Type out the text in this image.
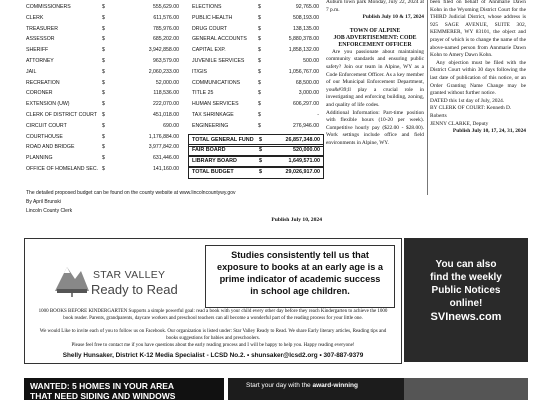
COMMISSIONERS	$	555,629.00	ELECTIONS	$	92,765.00
CLERK	$	611,576.00	PUBLIC HEALTH	$	508,193.00
TREASURER	$	785,976.00	DRUG COURT	$	138,135.00
ASSESSOR	$	685,202.00	GENERAL ACCOUNTS $	5,880,378.00
SHERIFF	$	3,942,858.00	CAPITAL EXP.	$	1,858,132.00
ATTORNEY	$	963,579.00	JUVENILE SERVICES	$	500.00
JAIL	$	2,060,233.00	IT/GIS	$	1,056,767.00
RECREATION	$	52,000.00	COMMUNICATIONS	$	68,500.00
CORONER	$	118,536.00	TITLE 25	$	3,000.00
EXTENSION (UW)	$	222,070.00	HUMAN SERVICES	$	606,297.00
CLERK OF DISTRICT COURT $	451,018.00	TAX SHRINKAGE	$	-
CIRCUIT COURT	$	690.00	ENGINEERING	$	276,946.00
COURTHOUSE	$	1,176,884.00
ROAD AND BRIDGE	$	3,977,842.00
PLANNING	$	631,446.00
OFFICE OF HOMELAND SEC. $	141,160.00
TOTAL GENERAL FUND $	26,857,348.00
FAIR BOARD	$	520,000.00
LIBRARY BOARD	$	1,649,571.00
TOTAL BUDGET	$	29,026,917.00
The detailed proposed budget can be found on the county website at www.lincolncountywy.gov
By April Brunski
Lincoln County Clerk
Publish July 10, 2024
Auburn town park Monday, July 22, 2024 at 7 p.m.
Publish July 10 & 17, 2024
TOWN OF ALPINE
JOB ADVERTISEMENT: CODE ENFORCEMENT OFFICER
Are you passionate about maintaining community standards and ensuring public safety? Join our team in Alpine, WY as a Code Enforcement Officer. As a key member of our Municipal Enforcement Department, you&#39;ll play a crucial role in investigating and enforcing building, zoning, and quality of life codes.
Additional Information: Part-time position with flexible hours (10-20 per week). Competitive hourly pay ($22.00 - $28.00). Work settings include office and field environments in Alpine, WY.
been filed on behalf of Annmarie Dawn Kohn in the Wyoming District Court for the THIRD Judicial District, whose address is 925 SAGE AVENUE, SUITE 302, KEMMERER, WY 83101, the object and prayer of which is to change the name of the above-named person from Annmarie Dawn Kohn to Amery Dawn Kohn.
Any objection must be filed with the District Court within 30 days following the last date of publication of this notice, or an Order Granting Name Change may be granted without further notice.
DATED this 1st day of July, 2024.
BY CLERK OF COURT: Kenneth D. Roberts
JENNY CLARKE, Deputy
Publish July 10, 17, 24, 31, 2024
STAR VALLEY
Ready to Read
Studies consistently tell us that
exposure to books at an early age is a
prime indicator of academic success
in school age children.
1000 BOOKS BEFORE KINDERGARTEN Supports a simple powerful goal: read a book with your child every other day before they reach Kindergarten to achieve the 1000 book reader. Parents, grandparents, daycare workers and preschool teachers can all become a wonderful part of the reading process for your little one.
We would Like to invite each of you to follow us on Facebook. Our organization is listed under: Star Valley Ready to Read. We share Early literary articles, Reading tips and books suggestions for babies and preschoolers.
Please feel free to contact me if you have questions about the early reading process and I will be happy to help you. Happy reading everyone!
Shelly Hunsaker, District K-12 Media Specialist - LCSD No.2. • shunsaker@lcsd2.org • 307-887-9379
You can also
find the weekly
Public Notices
online!
SVInews.com
WANTED: 5 HOMES IN YOUR AREA
THAT NEED SIDING AND WINDOWS
Start your day with the award-winning
